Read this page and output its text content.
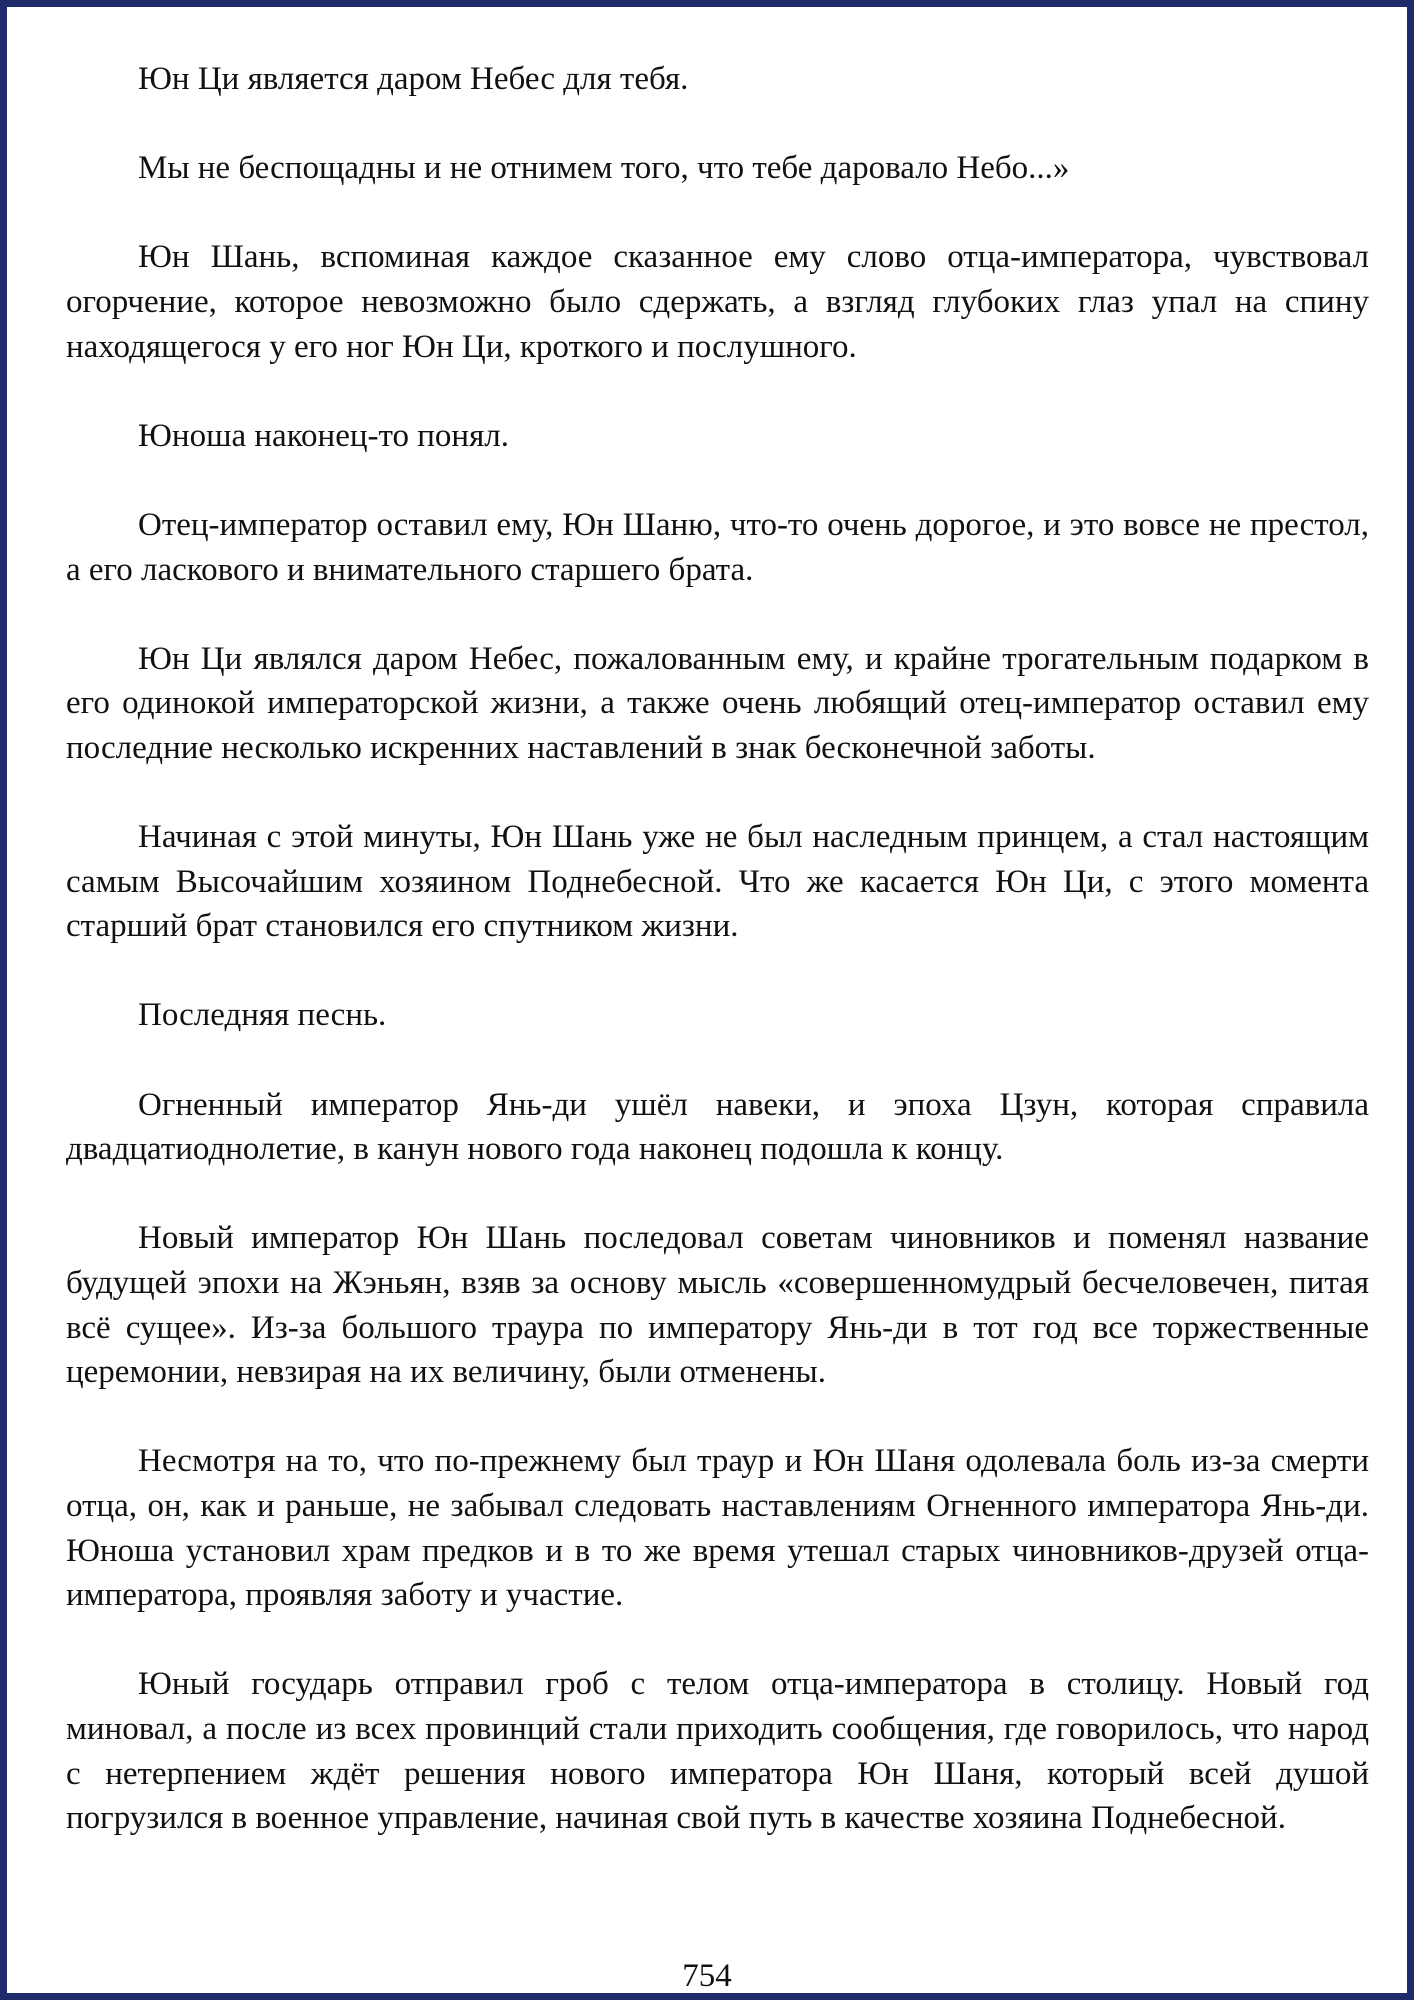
Юн Ци является даром Небес для тебя.

Мы не беспощадны и не отнимем того, что тебе даровало Небо...»

Юн Шань, вспоминая каждое сказанное ему слово отца-императора, чувствовал огорчение, которое невозможно было сдержать, а взгляд глубоких глаз упал на спину находящегося у его ног Юн Ци, кроткого и послушного.

Юноша наконец-то понял.

Отец-император оставил ему, Юн Шаню, что-то очень дорогое, и это вовсе не престол, а его ласкового и внимательного старшего брата.

Юн Ци являлся даром Небес, пожалованным ему, и крайне трогательным подарком в его одинокой императорской жизни, а также очень любящий отец-император оставил ему последние несколько искренних наставлений в знак бесконечной заботы.

Начиная с этой минуты, Юн Шань уже не был наследным принцем, а стал настоящим самым Высочайшим хозяином Поднебесной. Что же касается Юн Ци, с этого момента старший брат становился его спутником жизни.

Последняя песнь.

Огненный император Янь-ди ушёл навеки, и эпоха Цзун, которая справила двадцатиоднолетие, в канун нового года наконец подошла к концу.

Новый император Юн Шань последовал советам чиновников и поменял название будущей эпохи на Жэньян, взяв за основу мысль «совершенномудрый бесчеловечен, питая всё сущее». Из-за большого траура по императору Янь-ди в тот год все торжественные церемонии, невзирая на их величину, были отменены.

Несмотря на то, что по-прежнему был траур и Юн Шаня одолевала боль из-за смерти отца, он, как и раньше, не забывал следовать наставлениям Огненного императора Янь-ди. Юноша установил храм предков и в то же время утешал старых чиновников-друзей отца-императора, проявляя заботу и участие.

Юный государь отправил гроб с телом отца-императора в столицу. Новый год миновал, а после из всех провинций стали приходить сообщения, где говорилось, что народ с нетерпением ждёт решения нового императора Юн Шаня, который всей душой погрузился в военное управление, начиная свой путь в качестве хозяина Поднебесной.

754
